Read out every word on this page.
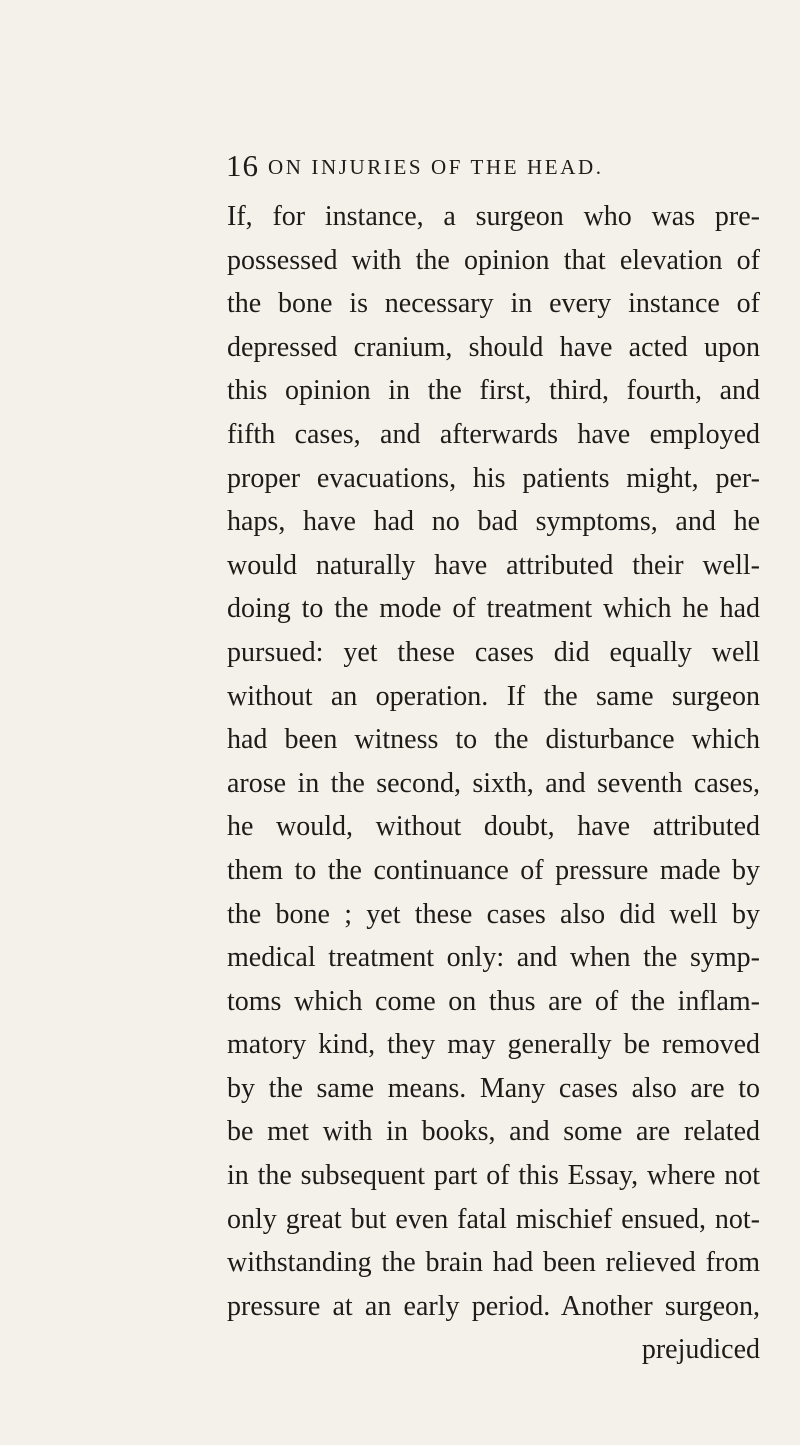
16 ON INJURIES OF THE HEAD.
If, for instance, a surgeon who was pre-
possessed with the opinion that elevation of
the bone is necessary in every instance of
depressed cranium, should have acted upon
this opinion in the first, third, fourth, and
fifth cases, and afterwards have employed
proper evacuations, his patients might, per-
haps, have had no bad symptoms, and he
would naturally have attributed their well-
doing to the mode of treatment which he had
pursued: yet these cases did equally well
without an operation. If the same surgeon
had been witness to the disturbance which
arose in the second, sixth, and seventh cases,
he would, without doubt, have attributed
them to the continuance of pressure made by
the bone ; yet these cases also did well by
medical treatment only: and when the symp-
toms which come on thus are of the inflam-
matory kind, they may generally be removed
by the same means. Many cases also are to
be met with in books, and some are related
in the subsequent part of this Essay, where not
only great but even fatal mischief ensued, not-
withstanding the brain had been relieved from
pressure at an early period. Another surgeon,
prejudiced
